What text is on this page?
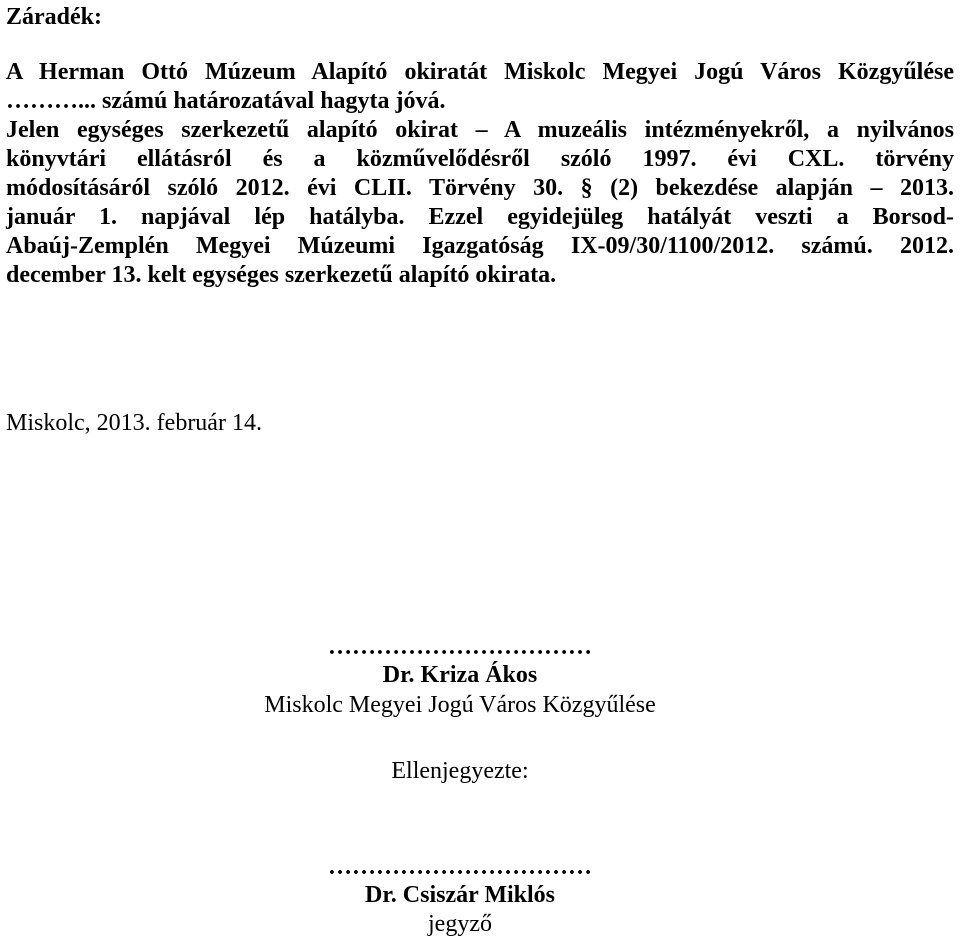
Záradék:

A Herman Ottó Múzeum Alapító okiratát Miskolc Megyei Jogú Város Közgyűlése
………... számú határozatával hagyta jóvá.
Jelen egységes szerkezetű alapító okirat – A muzeális intézményekről, a nyilvános
könyvtári ellátásról és a közművelődésről szóló 1997. évi CXL. törvény
módosításáról szóló 2012. évi CLII. Törvény 30. § (2) bekezdése alapján – 2013.
január 1. napjával lép hatályba. Ezzel egyidejüleg hatályát veszti a Borsod-
Abaúj-Zemplén Megyei Múzeumi Igazgatóság IX-09/30/1100/2012. számú. 2012.
december 13. kelt egységes szerkezetű alapító okirata.

Miskolc, 2013. február 14.

……………………………

Dr. Kriza Ákos

Miskolc Megyei Jogú Város Közgyűlése

Ellenjegyezte:

……………………………

Dr. Csiszár Miklós

jegyző
